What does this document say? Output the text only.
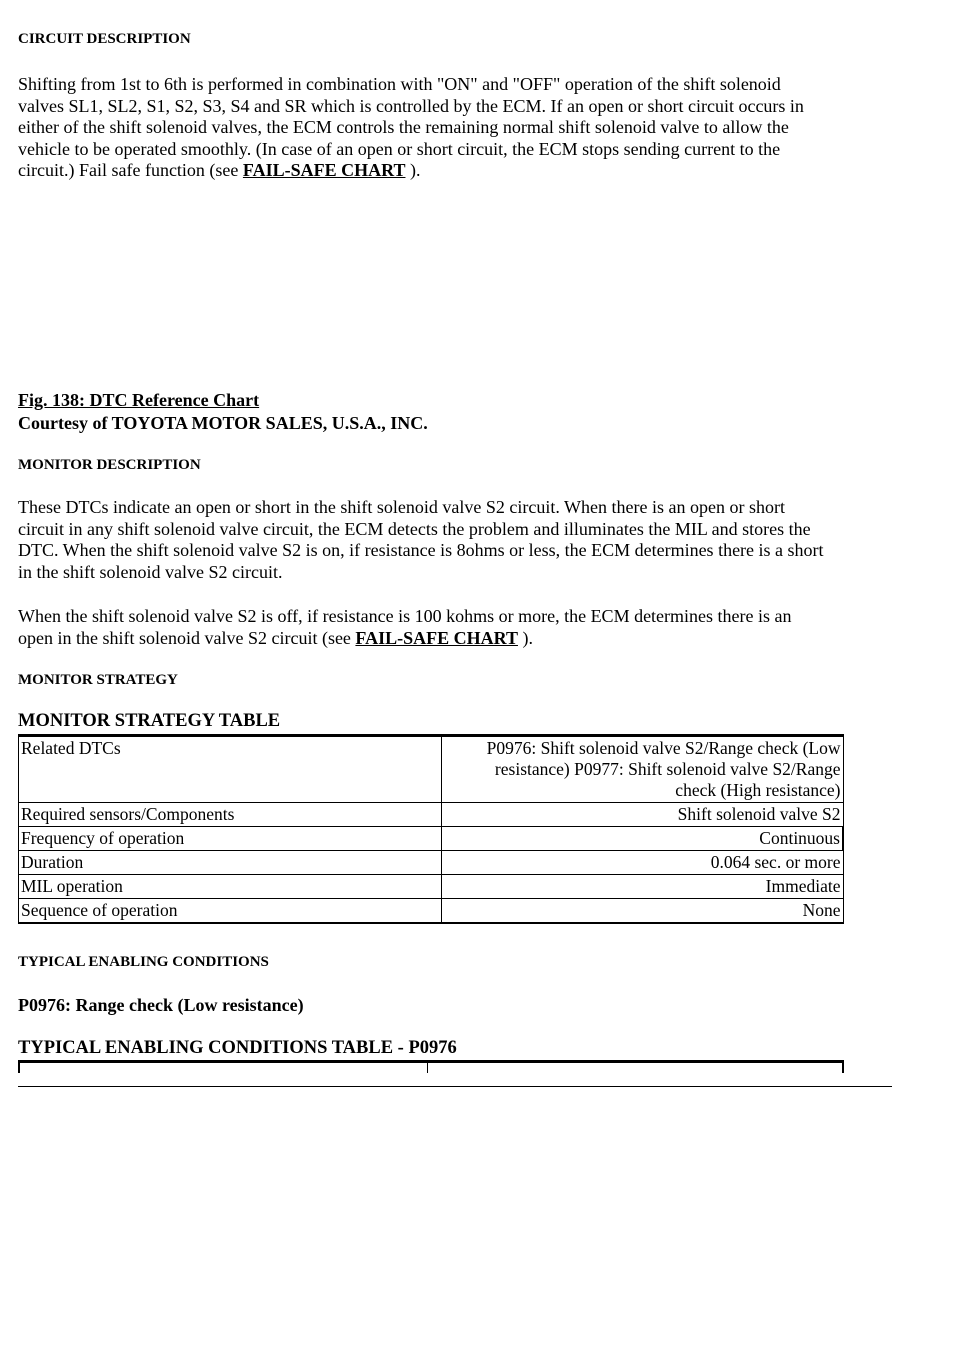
CIRCUIT DESCRIPTION
Shifting from 1st to 6th is performed in combination with "ON" and "OFF" operation of the shift solenoid
valves SL1, SL2, S1, S2, S3, S4 and SR which is controlled by the ECM. If an open or short circuit occurs in
either of the shift solenoid valves, the ECM controls the remaining normal shift solenoid valve to allow the
vehicle to be operated smoothly. (In case of an open or short circuit, the ECM stops sending current to the
circuit.) Fail safe function (see FAIL-SAFE CHART ).
Fig. 138: DTC Reference Chart
Courtesy of TOYOTA MOTOR SALES, U.S.A., INC.
MONITOR DESCRIPTION
These DTCs indicate an open or short in the shift solenoid valve S2 circuit. When there is an open or short
circuit in any shift solenoid valve circuit, the ECM detects the problem and illuminates the MIL and stores the
DTC. When the shift solenoid valve S2 is on, if resistance is 8ohms or less, the ECM determines there is a short
in the shift solenoid valve S2 circuit.
When the shift solenoid valve S2 is off, if resistance is 100 kohms or more, the ECM determines there is an
open in the shift solenoid valve S2 circuit (see FAIL-SAFE CHART ).
MONITOR STRATEGY
MONITOR STRATEGY TABLE
Related DTCs	P0976: Shift solenoid valve S2/Range check (Low
resistance) P0977: Shift solenoid valve S2/Range
check (High resistance)

Required sensors/Components	Shift solenoid valve S2
Frequency of operation	Continuous
Duration	0.064 sec. or more
MIL operation	Immediate
Sequence of operation	None
TYPICAL ENABLING CONDITIONS
P0976: Range check (Low resistance)
TYPICAL ENABLING CONDITIONS TABLE - P0976
